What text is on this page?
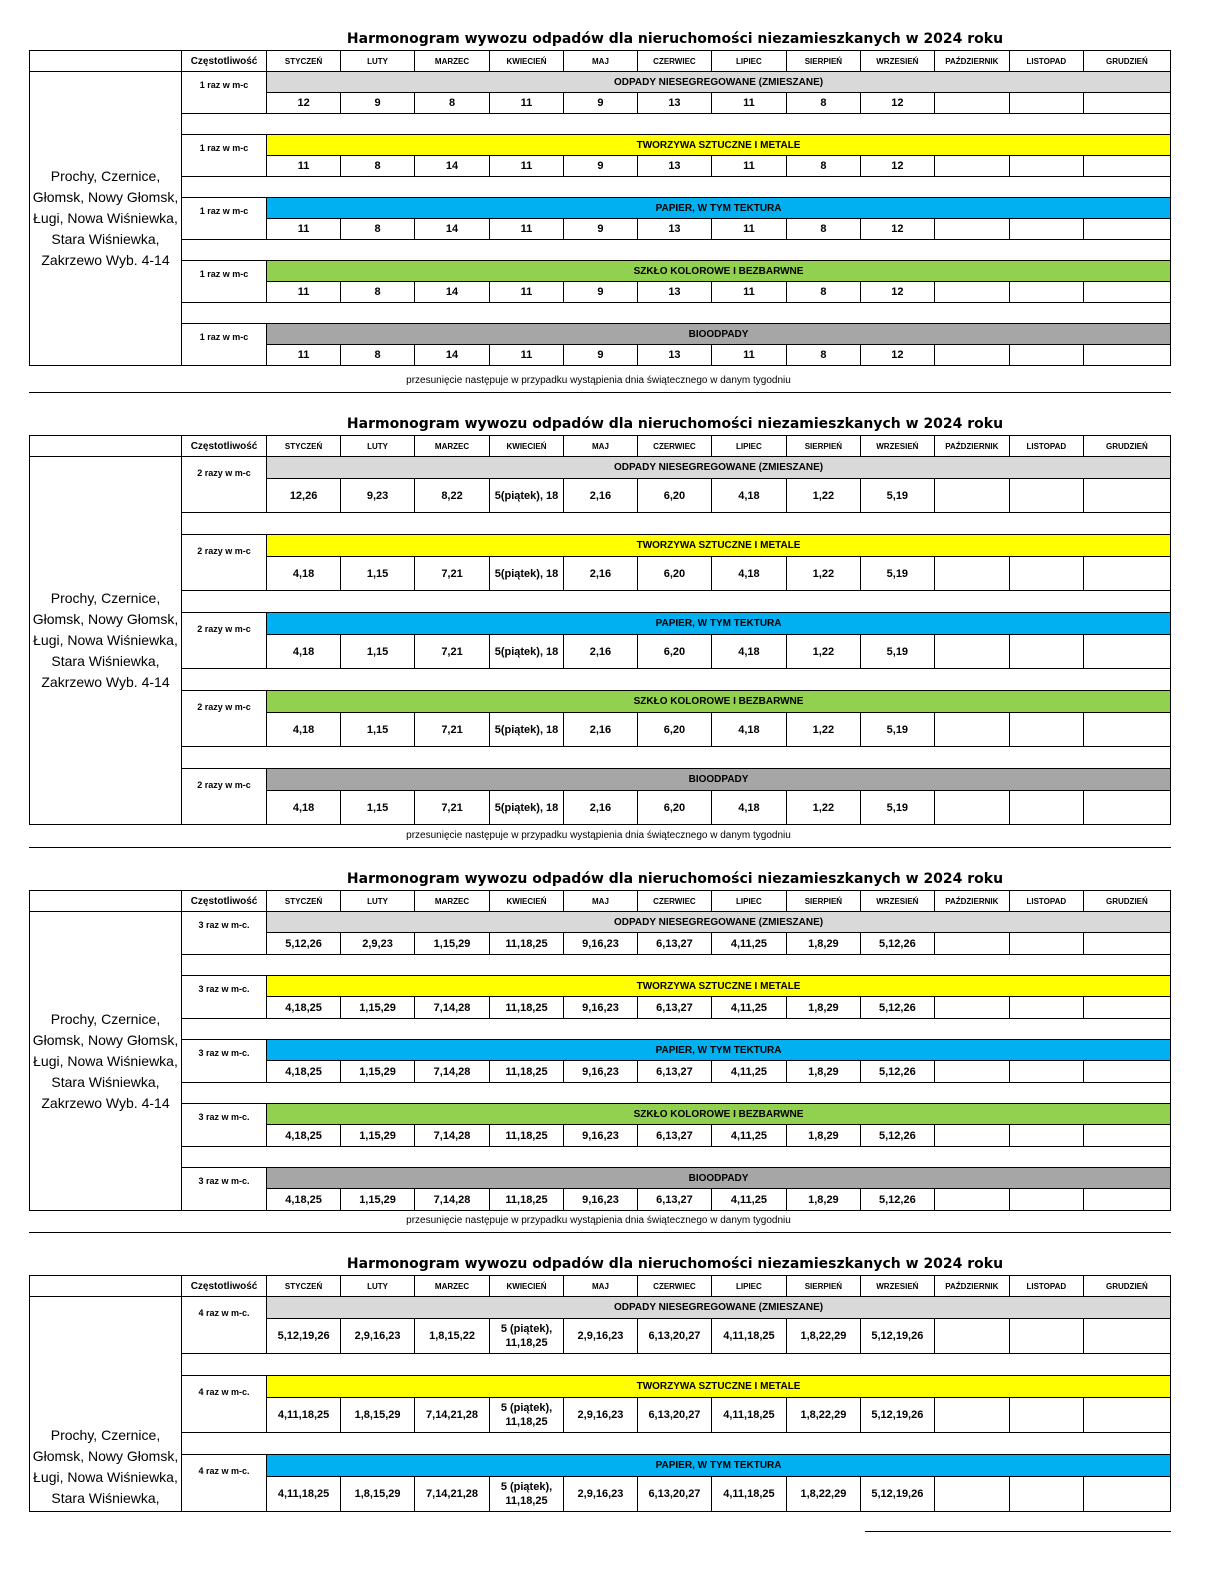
Harmonogram wywozu odpadów dla nieruchomości niezamieszkanych w 2024 roku
	Częstotliwość	STYCZEŃ	LUTY	MARZEC	KWIECIEŃ	MAJ	CZERWIEC	LIPIEC	SIERPIEŃ	WRZESIEŃ	PAŹDZIERNIK	LISTOPAD	GRUDZIEŃ
Prochy, Czernice, Głomsk, Nowy Głomsk, Ługi, Nowa Wiśniewka, Stara Wiśniewka, Zakrzewo Wyb. 4-14	1 raz w m-c	ODPADY NIESEGREGOWANE (ZMIESZANE)											
		12	9	8	11	9	13	11	8	12			

	1 raz w m-c	TWORZYWA SZTUCZNE I METALE											
		11	8	14	11	9	13	11	8	12			

	1 raz w m-c	PAPIER, W TYM TEKTURA											
		11	8	14	11	9	13	11	8	12			

	1 raz w m-c	SZKŁO KOLOROWE I BEZBARWNE											
		11	8	14	11	9	13	11	8	12			

	1 raz w m-c	BIOODPADY											
		11	8	14	11	9	13	11	8	12			
przesunięcie następuje w przypadku wystąpienia dnia świątecznego w danym tygodniu
Harmonogram wywozu odpadów dla nieruchomości niezamieszkanych w 2024 roku
	Częstotliwość	STYCZEŃ	LUTY	MARZEC	KWIECIEŃ	MAJ	CZERWIEC	LIPIEC	SIERPIEŃ	WRZESIEŃ	PAŹDZIERNIK	LISTOPAD	GRUDZIEŃ
Prochy, Czernice, Głomsk, Nowy Głomsk, Ługi, Nowa Wiśniewka, Stara Wiśniewka, Zakrzewo Wyb. 4-14	2 razy w m-c	ODPADY NIESEGREGOWANE (ZMIESZANE)											
		12,26	9,23	8,22	5(piątek), 18	2,16	6,20	4,18	1,22	5,19			

	2 razy w m-c	TWORZYWA SZTUCZNE I METALE											
		4,18	1,15	7,21	5(piątek), 18	2,16	6,20	4,18	1,22	5,19			

	2 razy w m-c	PAPIER, W TYM TEKTURA											
		4,18	1,15	7,21	5(piątek), 18	2,16	6,20	4,18	1,22	5,19			

	2 razy w m-c	SZKŁO KOLOROWE I BEZBARWNE											
		4,18	1,15	7,21	5(piątek), 18	2,16	6,20	4,18	1,22	5,19			

	2 razy w m-c	BIOODPADY											
		4,18	1,15	7,21	5(piątek), 18	2,16	6,20	4,18	1,22	5,19			
przesunięcie następuje w przypadku wystąpienia dnia świątecznego w danym tygodniu
Harmonogram wywozu odpadów dla nieruchomości niezamieszkanych w 2024 roku
	Częstotliwość	STYCZEŃ	LUTY	MARZEC	KWIECIEŃ	MAJ	CZERWIEC	LIPIEC	SIERPIEŃ	WRZESIEŃ	PAŹDZIERNIK	LISTOPAD	GRUDZIEŃ
Prochy, Czernice, Głomsk, Nowy Głomsk, Ługi, Nowa Wiśniewka, Stara Wiśniewka, Zakrzewo Wyb. 4-14	3 raz w m-c.	ODPADY NIESEGREGOWANE (ZMIESZANE)											
		5,12,26	2,9,23	1,15,29	11,18,25	9,16,23	6,13,27	4,11,25	1,8,29	5,12,26			

	3 raz w m-c.	TWORZYWA SZTUCZNE I METALE											
		4,18,25	1,15,29	7,14,28	11,18,25	9,16,23	6,13,27	4,11,25	1,8,29	5,12,26			

	3 raz w m-c.	PAPIER, W TYM TEKTURA											
		4,18,25	1,15,29	7,14,28	11,18,25	9,16,23	6,13,27	4,11,25	1,8,29	5,12,26			

	3 raz w m-c.	SZKŁO KOLOROWE I BEZBARWNE											
		4,18,25	1,15,29	7,14,28	11,18,25	9,16,23	6,13,27	4,11,25	1,8,29	5,12,26			

	3 raz w m-c.	BIOODPADY											
		4,18,25	1,15,29	7,14,28	11,18,25	9,16,23	6,13,27	4,11,25	1,8,29	5,12,26			
przesunięcie następuje w przypadku wystąpienia dnia świątecznego w danym tygodniu
Harmonogram wywozu odpadów dla nieruchomości niezamieszkanych w 2024 roku
	Częstotliwość	STYCZEŃ	LUTY	MARZEC	KWIECIEŃ	MAJ	CZERWIEC	LIPIEC	SIERPIEŃ	WRZESIEŃ	PAŹDZIERNIK	LISTOPAD	GRUDZIEŃ
Prochy, Czernice, Głomsk, Nowy Głomsk, Ługi, Nowa Wiśniewka, Stara Wiśniewka,	4 raz w m-c.	ODPADY NIESEGREGOWANE (ZMIESZANE)											
		5,12,19,26	2,9,16,23	1,8,15,22	5 (piątek), 11,18,25	2,9,16,23	6,13,20,27	4,11,18,25	1,8,22,29	5,12,19,26			

	4 raz w m-c.	TWORZYWA SZTUCZNE I METALE											
		4,11,18,25	1,8,15,29	7,14,21,28	5 (piątek), 11,18,25	2,9,16,23	6,13,20,27	4,11,18,25	1,8,22,29	5,12,19,26			

	4 raz w m-c.	PAPIER, W TYM TEKTURA											
		4,11,18,25	1,8,15,29	7,14,21,28	5 (piątek), 11,18,25	2,9,16,23	6,13,20,27	4,11,18,25	1,8,22,29	5,12,19,26			
